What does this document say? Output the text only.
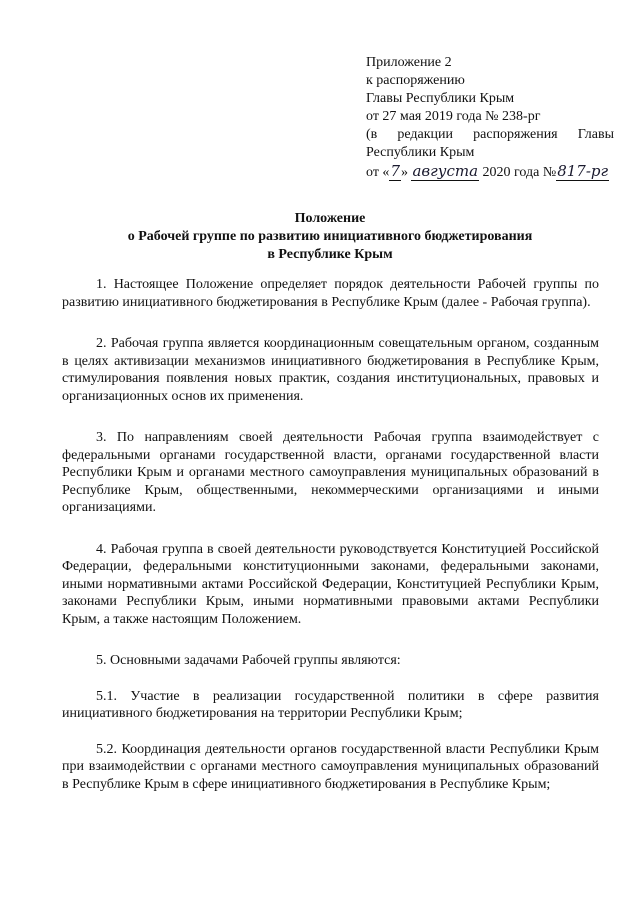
Приложение 2
к распоряжению
Главы Республики Крым
от 27 мая 2019 года № 238-рг
(в редакции распоряжения Главы
Республики Крым
от «7» августа 2020 года №817-рг
Положение
о Рабочей группе по развитию инициативного бюджетирования
в Республике Крым

1. Настоящее Положение определяет порядок деятельности Рабочей группы по развитию инициативного бюджетирования в Республике Крым (далее - Рабочая группа).

2. Рабочая группа является координационным совещательным органом, созданным в целях активизации механизмов инициативного бюджетирования в Республике Крым, стимулирования появления новых практик, создания институциональных, правовых и организационных основ их применения.

3. По направлениям своей деятельности Рабочая группа взаимодействует с федеральными органами государственной власти, органами государственной власти Республики Крым и органами местного самоуправления муниципальных образований в Республике Крым, общественными, некоммерческими организациями и иными организациями.

4. Рабочая группа в своей деятельности руководствуется Конституцией Российской Федерации, федеральными конституционными законами, федеральными законами, иными нормативными актами Российской Федерации, Конституцией Республики Крым, законами Республики Крым, иными нормативными правовыми актами Республики Крым, а также настоящим Положением.

5. Основными задачами Рабочей группы являются:

5.1. Участие в реализации государственной политики в сфере развития инициативного бюджетирования на территории Республики Крым;

5.2. Координация деятельности органов государственной власти Республики Крым при взаимодействии с органами местного самоуправления муниципальных образований в Республике Крым в сфере инициативного бюджетирования в Республике Крым;
